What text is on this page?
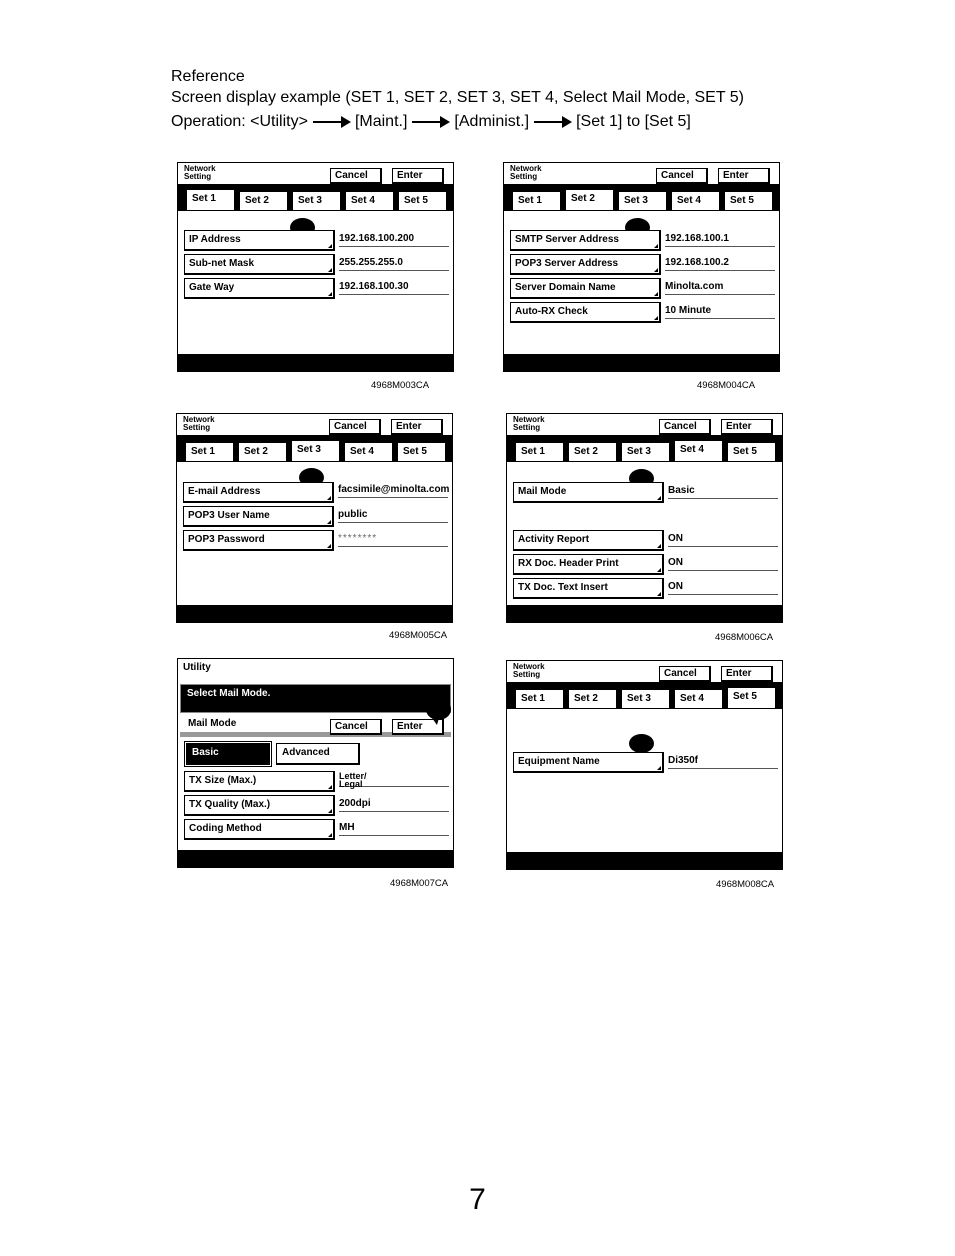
Reference
Screen display example (SET 1, SET 2, SET 3, SET 4, Select Mail Mode, SET 5)
Operation: <Utility>	[Maint.]	[Administ.]	[Set 1] to [Set 5]
Network
Setting	Cancel	Enter
Set 1	Set 2	Set 3	Set 4	Set 5
IP Address	192.168.100.200
Sub-net Mask	255.255.255.0
Gate Way	192.168.100.30
4968M003CA
Network
Setting	Cancel	Enter
Set 1	Set 2	Set 3	Set 4	Set 5
SMTP Server Address	192.168.100.1
POP3 Server Address	192.168.100.2
Server Domain Name	Minolta.com
Auto-RX Check	10 Minute
4968M004CA
Network
Setting	Cancel	Enter
Set 1	Set 2	Set 3	Set 4	Set 5
E-mail Address	facsimile@minolta.com
POP3 User Name	public
POP3 Password	********
4968M005CA
Network
Setting	Cancel	Enter
Set 1	Set 2	Set 3	Set 4	Set 5
Mail Mode	Basic
Activity Report	ON
RX Doc. Header Print	ON
TX Doc. Text Insert	ON
4968M006CA
Utility
Select Mail Mode.
Mail Mode	Cancel	Enter
Basic	Advanced
TX Size (Max.)	Letter/
Legal
TX Quality (Max.)	200dpi
Coding Method	MH
4968M007CA
Network
Setting	Cancel	Enter
Set 1	Set 2	Set 3	Set 4	Set 5
Equipment Name	Di350f
4968M008CA
7
